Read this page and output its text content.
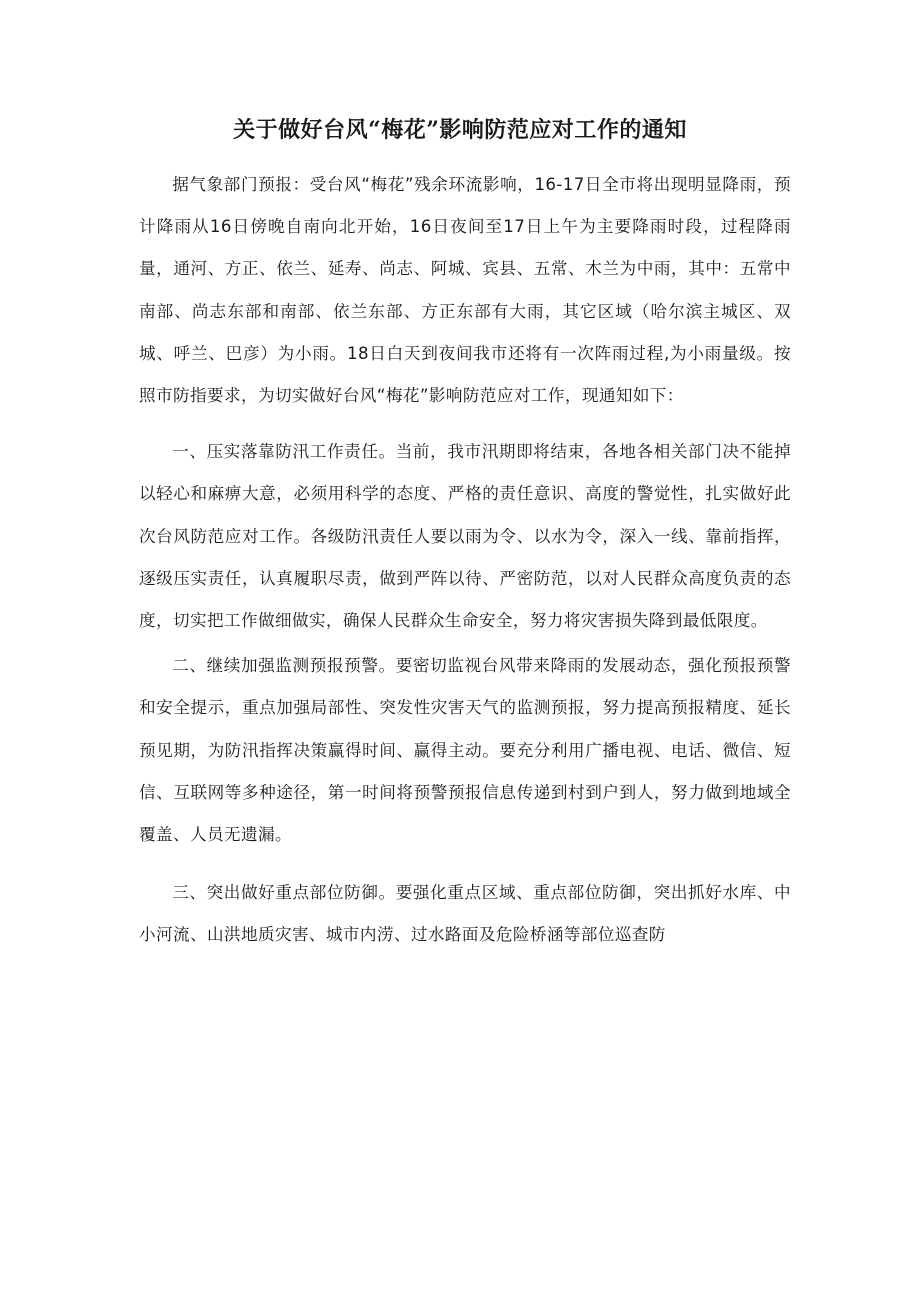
关于做好台风“梅花”影响防范应对工作的通知

据气象部门预报：受台风“梅花”残余环流影响，16-17日全市将出现明显降雨，预计降雨从16日傍晚自南向北开始，16日夜间至17日上午为主要降雨时段，过程降雨量，通河、方正、依兰、延寿、尚志、阿城、宾县、五常、木兰为中雨，其中：五常中南部、尚志东部和南部、依兰东部、方正东部有大雨，其它区域（哈尔滨主城区、双城、呼兰、巴彦）为小雨。18日白天到夜间我市还将有一次阵雨过程,为小雨量级。按照市防指要求，为切实做好台风“梅花”影响防范应对工作，现通知如下：

一、压实落靠防汛工作责任。当前，我市汛期即将结束，各地各相关部门决不能掉以轻心和麻痹大意，必须用科学的态度、严格的责任意识、高度的警觉性，扎实做好此次台风防范应对工作。各级防汛责任人要以雨为令、以水为令，深入一线、靠前指挥，逐级压实责任，认真履职尽责，做到严阵以待、严密防范，以对人民群众高度负责的态度，切实把工作做细做实，确保人民群众生命安全，努力将灾害损失降到最低限度。

二、继续加强监测预报预警。要密切监视台风带来降雨的发展动态，强化预报预警和安全提示，重点加强局部性、突发性灾害天气的监测预报，努力提高预报精度、延长预见期，为防汛指挥决策赢得时间、赢得主动。要充分利用广播电视、电话、微信、短信、互联网等多种途径，第一时间将预警预报信息传递到村到户到人，努力做到地域全覆盖、人员无遗漏。

三、突出做好重点部位防御。要强化重点区域、重点部位防御，突出抓好水库、中小河流、山洪地质灾害、城市内涝、过水路面及危险桥涵等部位巡查防
